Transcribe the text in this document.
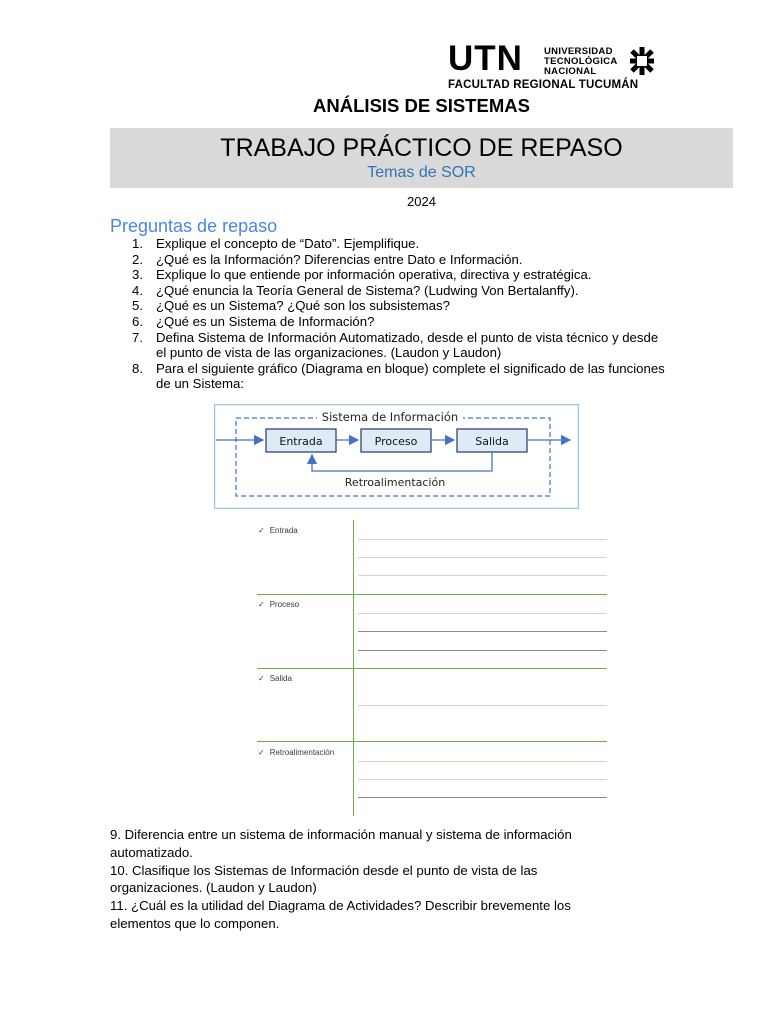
UTN UNIVERSIDAD
TECNOLÓGICA
NACIONAL
FACULTAD REGIONAL TUCUMÁN
ANÁLISIS DE SISTEMAS
TRABAJO PRÁCTICO DE REPASO
Temas de SOR
2024
Preguntas de repaso
1. Explique el concepto de “Dato”. Ejemplifique.
2. ¿Qué es la Información? Diferencias entre Dato e Información.
3. Explique lo que entiende por información operativa, directiva y estratégica.
4. ¿Qué enuncia la Teoría General de Sistema? (Ludwing Von Bertalanffy).
5. ¿Qué es un Sistema? ¿Qué son los subsistemas?
6. ¿Qué es un Sistema de Información?
7. Defina Sistema de Información Automatizado, desde el punto de vista técnico y desde el punto de vista de las organizaciones. (Laudon y Laudon)
8. Para el siguiente gráfico (Diagrama en bloque) complete el significado de las funciones de un Sistema:
Sistema de Información
Entrada	Proceso	Salida
Retroalimentación
✓ Entrada
✓ Proceso
✓ Salida
✓ Retroalimentación

9. Diferencia entre un sistema de información manual y sistema de información automatizado.

10. Clasifique los Sistemas de Información desde el punto de vista de las organizaciones. (Laudon y Laudon)

11. ¿Cuál es la utilidad del Diagrama de Actividades? Describir brevemente los elementos que lo componen.
